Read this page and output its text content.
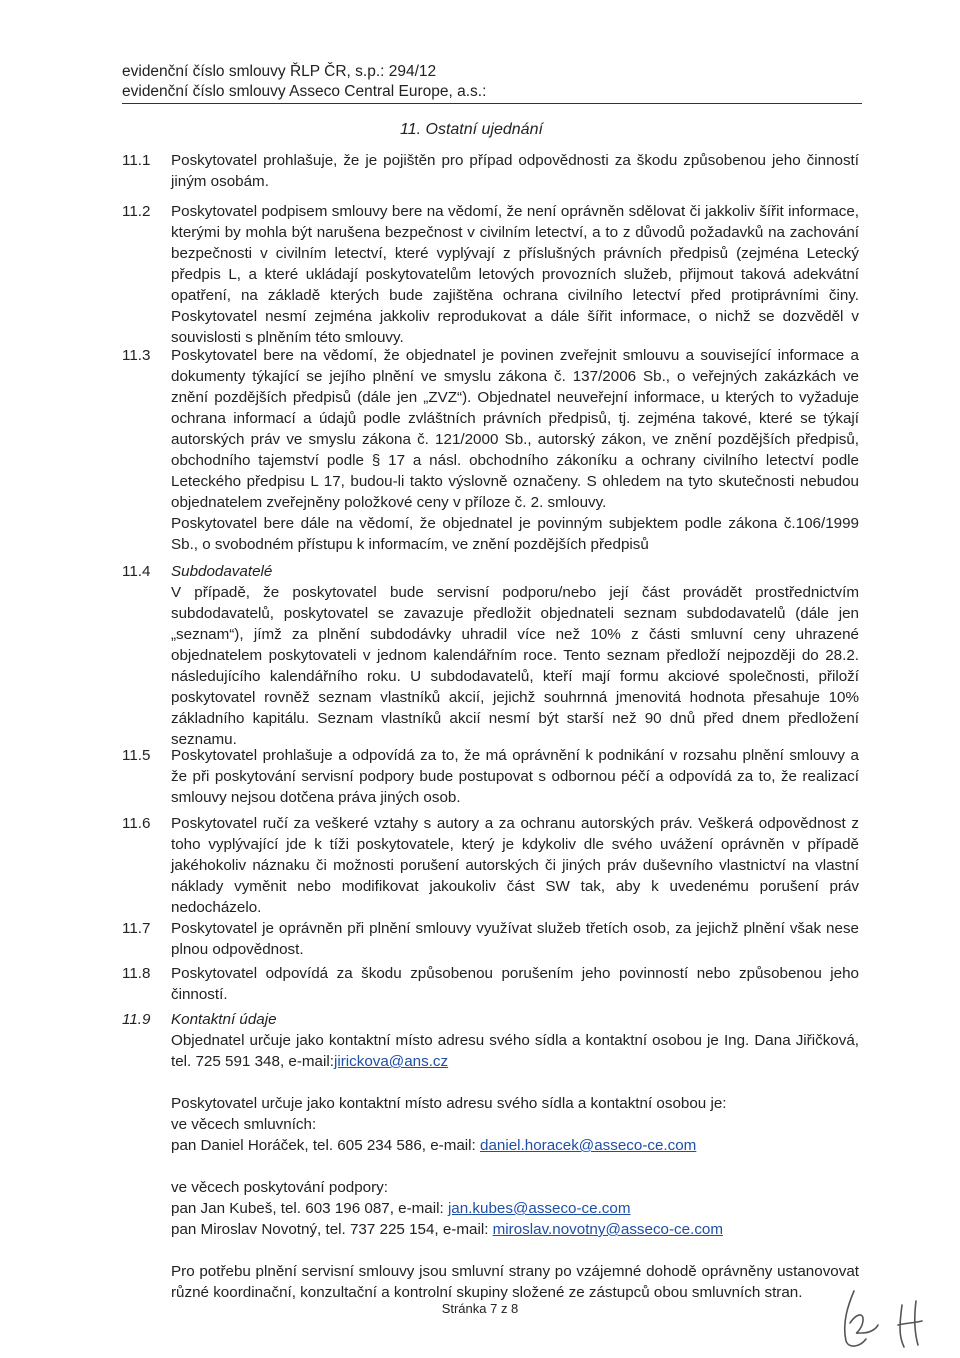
evidenční číslo smlouvy ŘLP ČR, s.p.: 294/12
evidenční číslo smlouvy Asseco Central Europe, a.s.:
11. Ostatní ujednání
11.1	Poskytovatel prohlašuje, že je pojištěn pro případ odpovědnosti za škodu způsobenou jeho činností jiným osobám.
11.2	Poskytovatel podpisem smlouvy bere na vědomí, že není oprávněn sdělovat či jakkoliv šířit informace, kterými by mohla být narušena bezpečnost v civilním letectví, a to z důvodů požadavků na zachování bezpečnosti v civilním letectví, které vyplývají z příslušných právních předpisů (zejména Letecký předpis L, a které ukládají poskytovatelům letových provozních služeb, přijmout taková adekvátní opatření, na základě kterých bude zajištěna ochrana civilního letectví před protiprávními činy. Poskytovatel nesmí zejména jakkoliv reprodukovat a dále šířit informace, o nichž se dozvěděl v souvislosti s plněním této smlouvy.
11.3	Poskytovatel bere na vědomí, že objednatel je povinen zveřejnit smlouvu a související informace a dokumenty týkající se jejího plnění ve smyslu zákona č. 137/2006 Sb., o veřejných zakázkách ve znění pozdějších předpisů (dále jen „ZVZ“). Objednatel neuveřejní informace, u kterých to vyžaduje ochrana informací a údajů podle zvláštních právních předpisů, tj. zejména takové, které se týkají autorských práv ve smyslu zákona č. 121/2000 Sb., autorský zákon, ve znění pozdějších předpisů, obchodního tajemství podle § 17 a násl. obchodního zákoníku a ochrany civilního letectví podle Leteckého předpisu L 17, budou-li takto výslovně označeny. S ohledem na tyto skutečnosti nebudou objednatelem zveřejněny položkové ceny v příloze č. 2. smlouvy.

Poskytovatel bere dále na vědomí, že objednatel je povinným subjektem podle zákona č.106/1999 Sb., o svobodném přístupu k informacím, ve znění pozdějších předpisů

11.4	Subdodavatelé

V případě, že poskytovatel bude servisní podporu/nebo její část provádět prostřednictvím subdodavatelů, poskytovatel se zavazuje předložit objednateli seznam subdodavatelů (dále jen „seznam“), jímž za plnění subdodávky uhradil více než 10% z části smluvní ceny uhrazené objednatelem poskytovateli v jednom kalendářním roce. Tento seznam předloží nejpozději do 28.2. následujícího kalendářního roku. U subdodavatelů, kteří mají formu akciové společnosti, přiloží poskytovatel rovněž seznam vlastníků akcií, jejichž souhrnná jmenovitá hodnota přesahuje 10% základního kapitálu. Seznam vlastníků akcií nesmí být starší než 90 dnů před dnem předložení seznamu.

11.5	Poskytovatel prohlašuje a odpovídá za to, že má oprávnění k podnikání v rozsahu plnění smlouvy a že při poskytování servisní podpory bude postupovat s odbornou péčí a odpovídá za to, že realizací smlouvy nejsou dotčena práva jiných osob.
11.6	Poskytovatel ručí za veškeré vztahy s autory a za ochranu autorských práv. Veškerá odpovědnost z toho vyplývající jde k tíži poskytovatele, který je kdykoliv dle svého uvážení oprávněn v případě jakéhokoliv náznaku či možnosti porušení autorských či jiných práv duševního vlastnictví na vlastní náklady vyměnit nebo modifikovat jakoukoliv část SW tak, aby k uvedenému porušení práv nedocházelo.
11.7	Poskytovatel je oprávněn při plnění smlouvy využívat služeb třetích osob, za jejichž plnění však nese plnou odpovědnost.
11.8	Poskytovatel odpovídá za škodu způsobenou porušením jeho povinností nebo způsobenou jeho činností.
11.9	Kontaktní údaje

Objednatel určuje jako kontaktní místo adresu svého sídla a kontaktní osobou je Ing. Dana Jiřičková, tel. 725 591 348, e-mail:jirickova@ans.cz

Poskytovatel určuje jako kontaktní místo adresu svého sídla a kontaktní osobou je:

ve věcech smluvních:

pan Daniel Horáček, tel. 605 234 586, e-mail: daniel.horacek@asseco-ce.com

ve věcech poskytování podpory:

pan Jan Kubeš, tel. 603 196 087, e-mail: jan.kubes@asseco-ce.com

pan Miroslav Novotný, tel. 737 225 154, e-mail: miroslav.novotny@asseco-ce.com

Pro potřebu plnění servisní smlouvy jsou smluvní strany po vzájemné dohodě oprávněny ustanovovat různé koordinační, konzultační a kontrolní skupiny složené ze zástupců obou smluvních stran.

Stránka 7 z 8
